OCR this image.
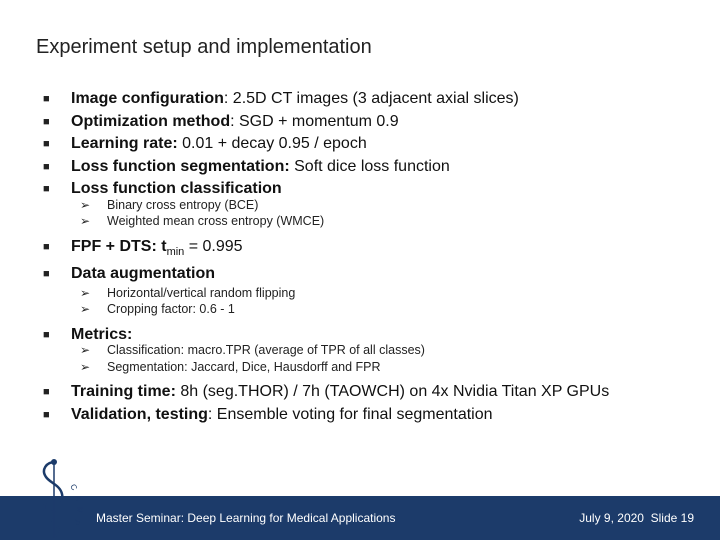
Experiment setup and implementation
■ Image configuration: 2.5D CT images (3 adjacent axial slices)
■ Optimization method: SGD + momentum 0.9
■ Learning rate: 0.01 + decay 0.95 / epoch
■ Loss function segmentation: Soft dice loss function
■ Loss function classification
➢ Binary cross entropy (BCE)
➢ Weighted mean cross entropy (WMCE)
■ FPF + DTS: $t_{min} = 0.995$
■ Data augmentation
➢ Horizontal/vertical random flipping
➢ Cropping factor: 0.6 - 1
■ Metrics:
➢ Classification: macro.TPR (average of TPR of all classes)
➢ Segmentation: Jaccard, Dice, Hausdorff and FPR
■ Training time: 8h (seg.THOR) / 7h (TAOWCH) on 4x Nvidia Titan XP GPUs
■ Validation, testing: Ensemble voting for final segmentation
Master Seminar: Deep Learning for Medical Applications	July 9, 2020  Slide 19
C
A
M
P
